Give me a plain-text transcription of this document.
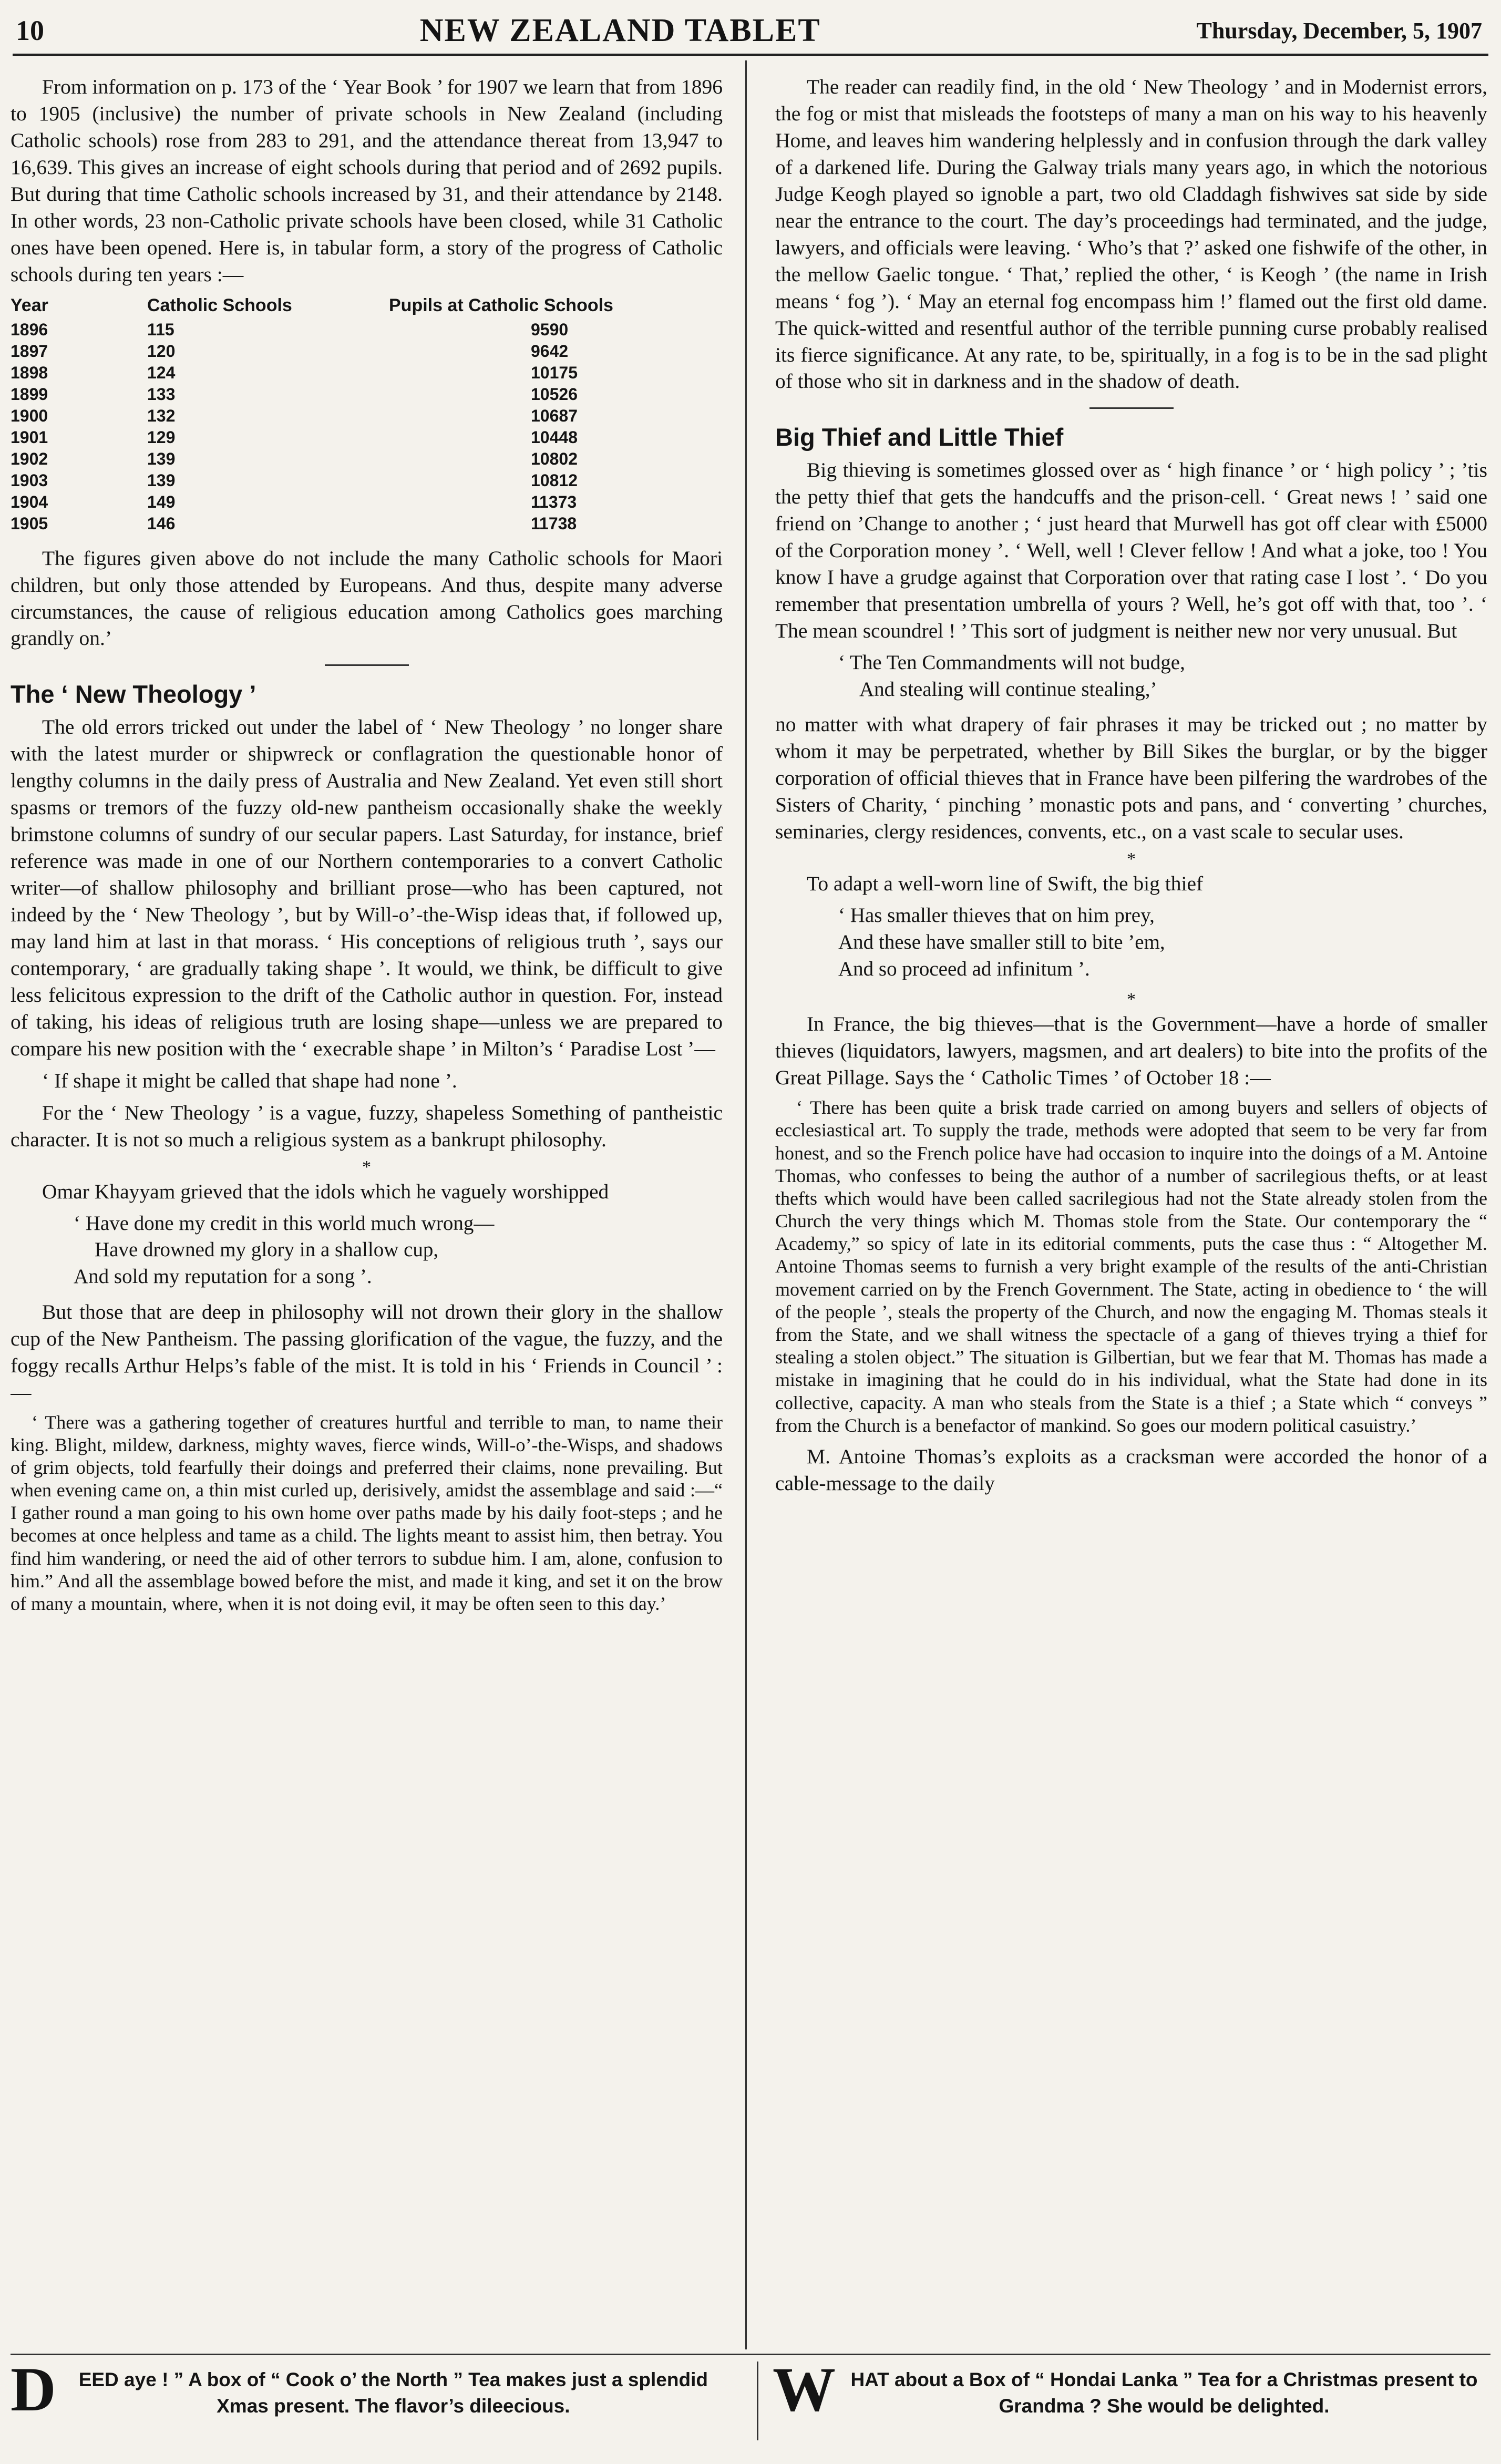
10	NEW ZEALAND TABLET	Thursday, December, 5, 1907

From information on p. 173 of the ‘ Year Book ’ for 1907 we learn that from 1896 to 1905 (inclusive) the number of private schools in New Zealand (including Catholic schools) rose from 283 to 291, and the attendance thereat from 13,947 to 16,639. This gives an increase of eight schools during that period and of 2692 pupils. But during that time Catholic schools increased by 31, and their attendance by 2148. In other words, 23 non-Catholic private schools have been closed, while 31 Catholic ones have been opened. Here is, in tabular form, a story of the progress of Catholic schools during ten years :—

Year	Catholic Schools	Pupils at Catholic Schools
1896	115	9590
1897	120	9642
1898	124	10175
1899	133	10526
1900	132	10687
1901	129	10448
1902	139	10802
1903	139	10812
1904	149	11373
1905	146	11738

The figures given above do not include the many Catholic schools for Maori children, but only those attended by Europeans. And thus, despite many adverse circumstances, the cause of religious education among Catholics goes marching grandly on.’

The ‘ New Theology ’

The old errors tricked out under the label of ‘ New Theology ’ no longer share with the latest murder or shipwreck or conflagration the questionable honor of lengthy columns in the daily press of Australia and New Zealand. Yet even still short spasms or tremors of the fuzzy old-new pantheism occasionally shake the weekly brimstone columns of sundry of our secular papers. Last Saturday, for instance, brief reference was made in one of our Northern contemporaries to a convert Catholic writer—of shallow philosophy and brilliant prose—who has been captured, not indeed by the ‘ New Theology ’, but by Will-o’-the-Wisp ideas that, if followed up, may land him at last in that morass. ‘ His conceptions of religious truth ’, says our contemporary, ‘ are gradually taking shape ’. It would, we think, be difficult to give less felicitous expression to the drift of the Catholic author in question. For, instead of taking, his ideas of religious truth are losing shape—unless we are prepared to compare his new position with the ‘ execrable shape ’ in Milton’s ‘ Paradise Lost ’—

‘ If shape it might be called that shape had none ’.

For the ‘ New Theology ’ is a vague, fuzzy, shapeless Something of pantheistic character. It is not so much a religious system as a bankrupt philosophy.

*

Omar Khayyam grieved that the idols which he vaguely worshipped

‘ Have done my credit in this world much wrong—
Have drowned my glory in a shallow cup,
And sold my reputation for a song ’.

But those that are deep in philosophy will not drown their glory in the shallow cup of the New Pantheism. The passing glorification of the vague, the fuzzy, and the foggy recalls Arthur Helps’s fable of the mist. It is told in his ‘ Friends in Council ’ :—

‘ There was a gathering together of creatures hurtful and terrible to man, to name their king. Blight, mildew, darkness, mighty waves, fierce winds, Will-o’-the-Wisps, and shadows of grim objects, told fearfully their doings and preferred their claims, none prevailing. But when evening came on, a thin mist curled up, derisively, amidst the assemblage and said :—“ I gather round a man going to his own home over paths made by his daily foot-steps ; and he becomes at once helpless and tame as a child. The lights meant to assist him, then betray. You find him wandering, or need the aid of other terrors to subdue him. I am, alone, confusion to him.” And all the assemblage bowed before the mist, and made it king, and set it on the brow of many a mountain, where, when it is not doing evil, it may be often seen to this day.’

The reader can readily find, in the old ‘ New Theology ’ and in Modernist errors, the fog or mist that misleads the footsteps of many a man on his way to his heavenly Home, and leaves him wandering helplessly and in confusion through the dark valley of a darkened life. During the Galway trials many years ago, in which the notorious Judge Keogh played so ignoble a part, two old Claddagh fishwives sat side by side near the entrance to the court. The day’s proceedings had terminated, and the judge, lawyers, and officials were leaving. ‘ Who’s that ?’ asked one fishwife of the other, in the mellow Gaelic tongue. ‘ That,’ replied the other, ‘ is Keogh ’ (the name in Irish means ‘ fog ’). ‘ May an eternal fog encompass him !’ flamed out the first old dame. The quick-witted and resentful author of the terrible punning curse probably realised its fierce significance. At any rate, to be, spiritually, in a fog is to be in the sad plight of those who sit in darkness and in the shadow of death.

Big Thief and Little Thief

Big thieving is sometimes glossed over as ‘ high finance ’ or ‘ high policy ’ ; ’tis the petty thief that gets the handcuffs and the prison-cell. ‘ Great news ! ’ said one friend on ’Change to another ; ‘ just heard that Murwell has got off clear with £5000 of the Corporation money ’. ‘ Well, well ! Clever fellow ! And what a joke, too ! You know I have a grudge against that Corporation over that rating case I lost ’. ‘ Do you remember that presentation umbrella of yours ? Well, he’s got off with that, too ’. ‘ The mean scoundrel ! ’ This sort of judgment is neither new nor very unusual. But

‘ The Ten Commandments will not budge,
And stealing will continue stealing,’

no matter with what drapery of fair phrases it may be tricked out ; no matter by whom it may be perpetrated, whether by Bill Sikes the burglar, or by the bigger corporation of official thieves that in France have been pilfering the wardrobes of the Sisters of Charity, ‘ pinching ’ monastic pots and pans, and ‘ converting ’ churches, seminaries, clergy residences, convents, etc., on a vast scale to secular uses.

*

To adapt a well-worn line of Swift, the big thief

‘ Has smaller thieves that on him prey,
And these have smaller still to bite ’em,
And so proceed ad infinitum ’.
*

In France, the big thieves—that is the Government—have a horde of smaller thieves (liquidators, lawyers, magsmen, and art dealers) to bite into the profits of the Great Pillage. Says the ‘ Catholic Times ’ of October 18 :—

‘ There has been quite a brisk trade carried on among buyers and sellers of objects of ecclesiastical art. To supply the trade, methods were adopted that seem to be very far from honest, and so the French police have had occasion to inquire into the doings of a M. Antoine Thomas, who confesses to being the author of a number of sacrilegious thefts, or at least thefts which would have been called sacrilegious had not the State already stolen from the Church the very things which M. Thomas stole from the State. Our contemporary the “ Academy,” so spicy of late in its editorial comments, puts the case thus : “ Altogether M. Antoine Thomas seems to furnish a very bright example of the results of the anti-Christian movement carried on by the French Government. The State, acting in obedience to ‘ the will of the people ’, steals the property of the Church, and now the engaging M. Thomas steals it from the State, and we shall witness the spectacle of a gang of thieves trying a thief for stealing a stolen object.” The situation is Gilbertian, but we fear that M. Thomas has made a mistake in imagining that he could do in his individual, what the State had done in its collective, capacity. A man who steals from the State is a thief ; a State which “ conveys ” from the Church is a benefactor of mankind. So goes our modern political casuistry.’

M. Antoine Thomas’s exploits as a cracksman were accorded the honor of a cable-message to the daily

D	EED aye ! ” A box of “ Cook o’ the North ” Tea makes just a splendid Xmas present. The flavor’s dileecious.	W HAT about a Box of “ Hondai Lanka ” Tea for a Christmas present to Grandma ? She would be delighted.
